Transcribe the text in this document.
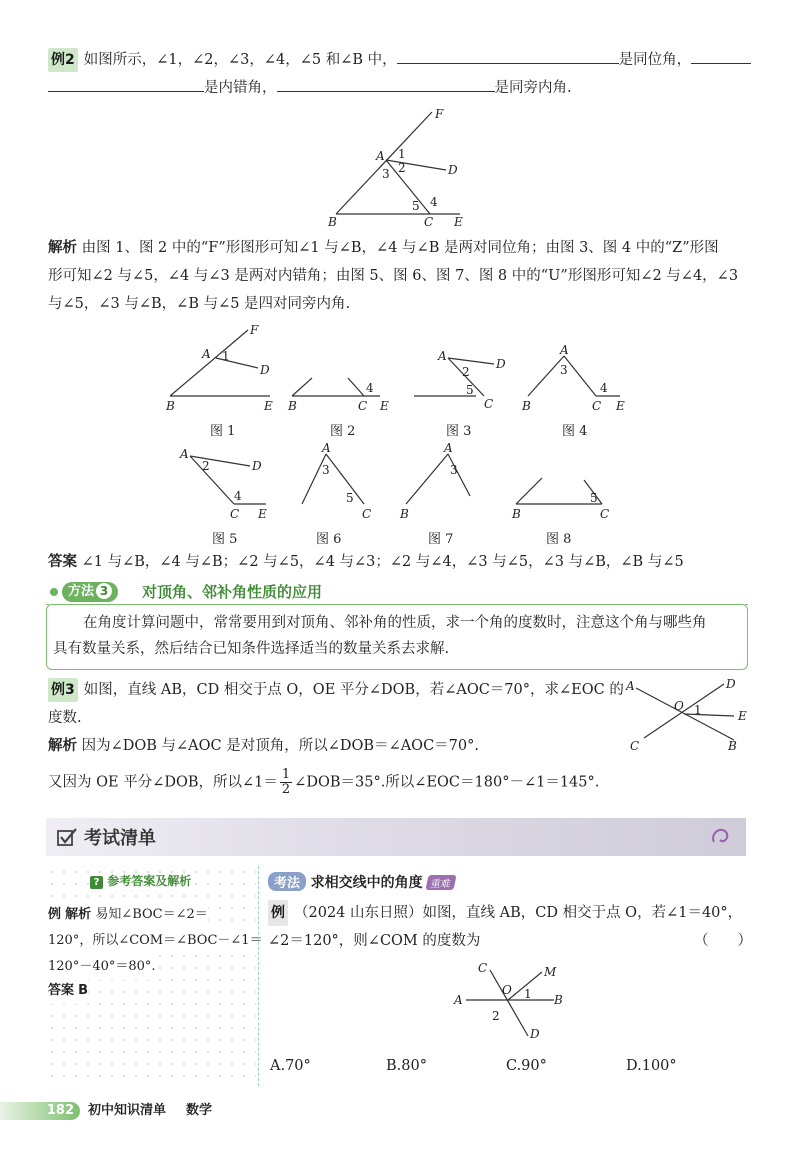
例2 如图所示，∠1，∠2，∠3，∠4，∠5 和∠B 中，	是同位角，
是内错角，	是同旁内角.
F
A 1
D
3 2
5 4
B	C E
解析 由图 1、图 2 中的“F”形图形可知∠1 与∠B，∠4 与∠B 是两对同位角；由图 3、图 4 中的“Z”形图
形可知∠2 与∠5，∠4 与∠3 是两对内错角；由图 5、图 6、图 7、图 8 中的“U”形图形可知∠2 与∠4，∠3
与∠5，∠3 与∠B，∠B 与∠5 是四对同旁内角.
F
A 1
D
B	E
图 1
4
B	C E
图 2
A
D
2
5
C
图 3
A
3
4
B	C E
图 4
A
2	D
4
C E
图 5
A
3
5
C
图 6
A
3
B
图 7
5
B	C
图 8
答案 ∠1 与∠B，∠4 与∠B；∠2 与∠5，∠4 与∠3；∠2 与∠4，∠3 与∠5，∠3 与∠B，∠B 与∠5
方法 3	对顶角、邻补角性质的应用
在角度计算问题中，常常要用到对顶角、邻补角的性质，求一个角的度数时，注意这个角与哪些角
具有数量关系，然后结合已知条件选择适当的数量关系去求解.
例3 如图，直线 AB，CD 相交于点 O，OE 平分∠DOB，若∠AOC＝70°，求∠EOC 的
度数.
解析 因为∠DOB 与∠AOC 是对顶角，所以∠DOB＝∠AOC＝70°.
又因为 OE 平分∠DOB，所以∠1＝ $\frac{1}{2}$ ∠DOB＝35°.所以∠EOC＝180°－∠1＝145°.
A	D
O 1	E
C	B
考试清单
? 参考答案及解析
例 解析 易知∠BOC＝∠2＝
120°，所以∠COM＝∠BOC－∠1＝
120°－40°＝80°.
答案 B
考法 求相交线中的角度 重难
例 （2024 山东日照）如图，直线 AB，CD 相交于点 O，若∠1＝40°，
∠2＝120°，则∠COM 的度数为	（　　）
C	M
O 1
A	B
2
D
A.70°	B.80°	C.90°	D.100°
182 初中知识清单 数学
